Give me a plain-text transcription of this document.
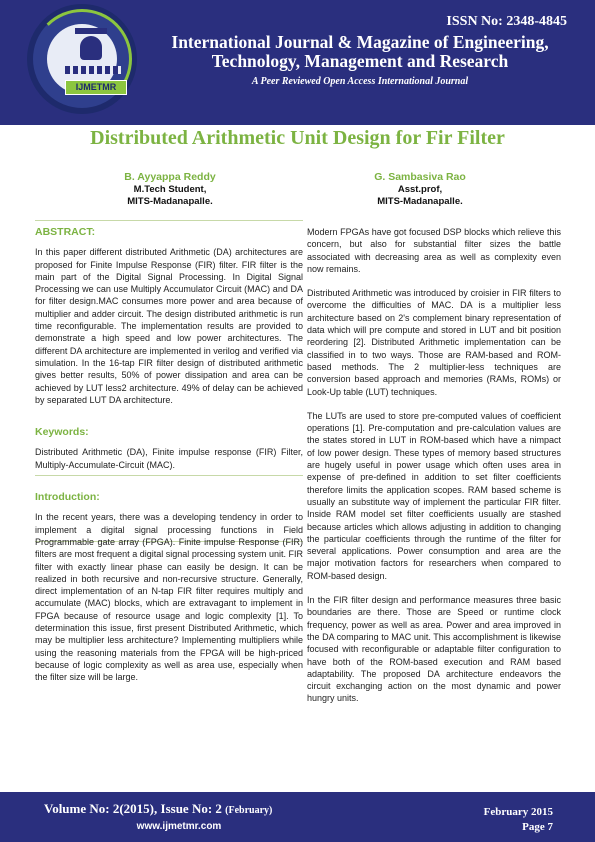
IJMETMR
ISSN No: 2348-4845
International Journal & Magazine of Engineering, Technology, Management and Research
A Peer Reviewed Open Access International Journal
Distributed Arithmetic Unit Design for Fir Filter
B. Ayyappa Reddy
M.Tech Student,
MITS-Madanapalle.
G. Sambasiva Rao
Asst.prof,
MITS-Madanapalle.
ABSTRACT:

In this paper different distributed Arithmetic (DA) architectures are proposed for Finite Impulse Response (FIR) filter. FIR filter is the main part of the Digital Signal Processing. In Digital Signal Processing we can use Multiply Accumulator Circuit (MAC) and DA for filter design.MAC consumes more power and area because of multiplier and adder circuit. The design distributed arithmetic is run time reconfigurable. The implementation results are provided to demonstrate a high speed and low power architectures. The different DA architecture are implemented in verilog and verified via simulation. In the 16-tap FIR filter design of distributed arithmetic gives better results, 50% of power dissipation and area can be achieved by LUT less2 architecture. 49% of delay can be achieved by separated LUT DA architecture.

Keywords:

Distributed Arithmetic (DA), Finite impulse response (FIR) Filter, Multiply-Accumulate-Circuit (MAC).

Introduction:

In the recent years, there was a developing tendency in order to implement a digital signal processing functions in Field Programmable gate array (FPGA). Finite impulse Response (FIR) filters are most frequent a digital signal processing system unit. FIR filter with exactly linear phase can easily be design. It can be realized in both recursive and non-recursive structure. Generally, direct implementation of an N-tap FIR filter requires multiply and accumulate (MAC) blocks, which are extravagant to implement in FPGA because of resource usage and logic complexity [1]. To determination this issue, first present Distributed Arithmetic, which may be multiplier less architecture? Implementing multipliers while using the reasoning materials from the FPGA will be high-priced because of logic complexity as well as area use, especially when the filter size will be large.

Modern FPGAs have got focused DSP blocks which relieve this concern, but also for substantial filter sizes the battle associated with decreasing area as well as complexity even now remains.

Distributed Arithmetic was introduced by croisier in FIR filters to overcome the difficulties of MAC. DA is a multiplier less architecture based on 2's complement binary representation of data which will pre compute and stored in LUT and bit position reordering [2]. Distributed Arithmetic implementation can be classified in to two ways. Those are RAM-based and ROM-based methods. The 2 multiplier-less techniques are conversion based approach and memories (RAMs, ROMs) or Look-Up table (LUT) techniques.

The LUTs are used to store pre-computed values of coefficient operations [1]. Pre-computation and pre-calculation values are the states stored in LUT in ROM-based which have a nimpact of low power design. These types of memory based structures are hugely useful in power usage which often uses area in expense of pre-defined in addition to set filter coefficients therefore limits the application scopes. RAM based scheme is usually an substitute way of implement the particular FIR filter. Inside RAM model set filter coefficients usually are stashed because articles which allows adjusting in addition to changing the particular coefficients through the runtime of the filter for several applications. Power consumption and area are the major motivation factors for researchers when compared to ROM-based design.

In the FIR filter design and performance measures three basic boundaries are there. Those are Speed or runtime clock frequency, power as well as area. Power and area improved in the DA comparing to MAC unit. This accomplishment is likewise focused with reconfigurable or adaptable filter configuration to have both of the ROM-based execution and RAM based adaptability. The proposed DA architecture endeavors the circuit exchanging action on the most dynamic and power hungry units.

Volume No: 2(2015), Issue No: 2 (February)
www.ijmetmr.com
February 2015
Page 7
